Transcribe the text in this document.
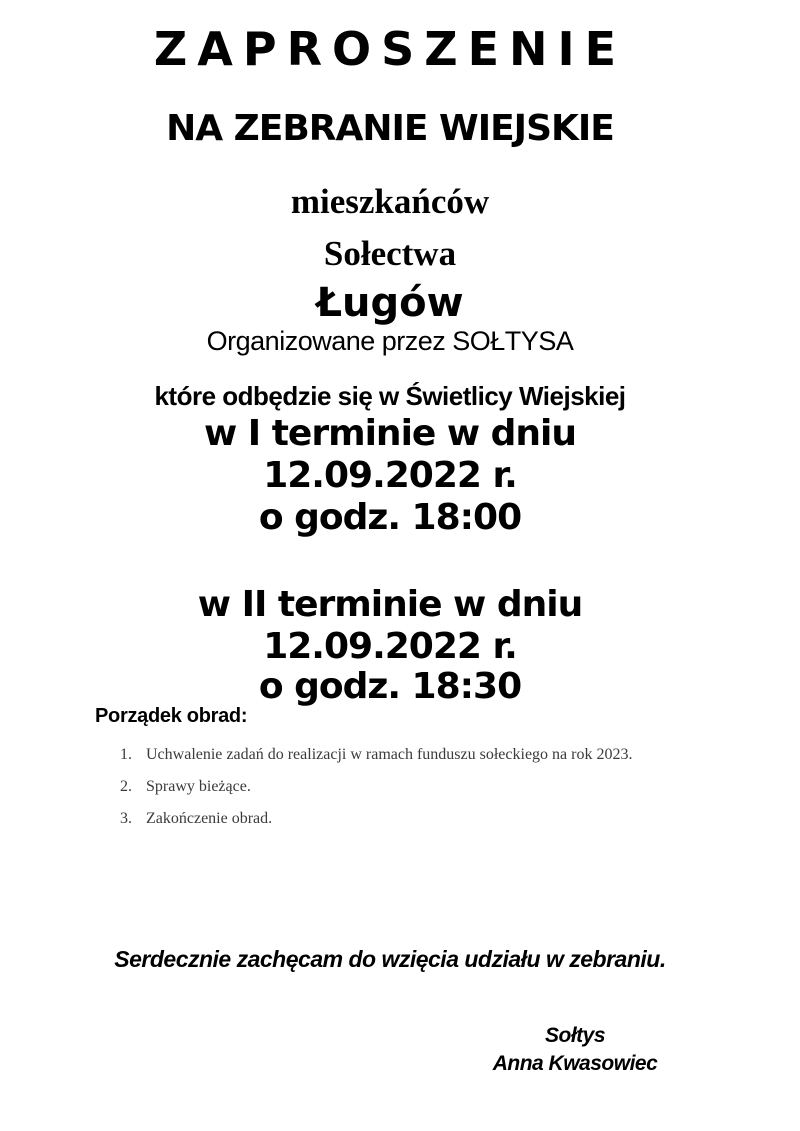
ZAPROSZENIE
NA ZEBRANIE WIEJSKIE
mieszkańców
Sołectwa
Ługów
Organizowane przez SOŁTYSA
które odbędzie się w Świetlicy Wiejskiej
w I terminie w dniu
12.09.2022 r.
o godz. 18:00
w II terminie w dniu
12.09.2022 r.
o godz. 18:30
Porządek obrad:
1. Uchwalenie zadań do realizacji w ramach funduszu sołeckiego na rok 2023.
2. Sprawy bieżące.
3. Zakończenie obrad.
Serdecznie zachęcam do wzięcia udziału w zebraniu.
Sołtys
Anna Kwasowiec
